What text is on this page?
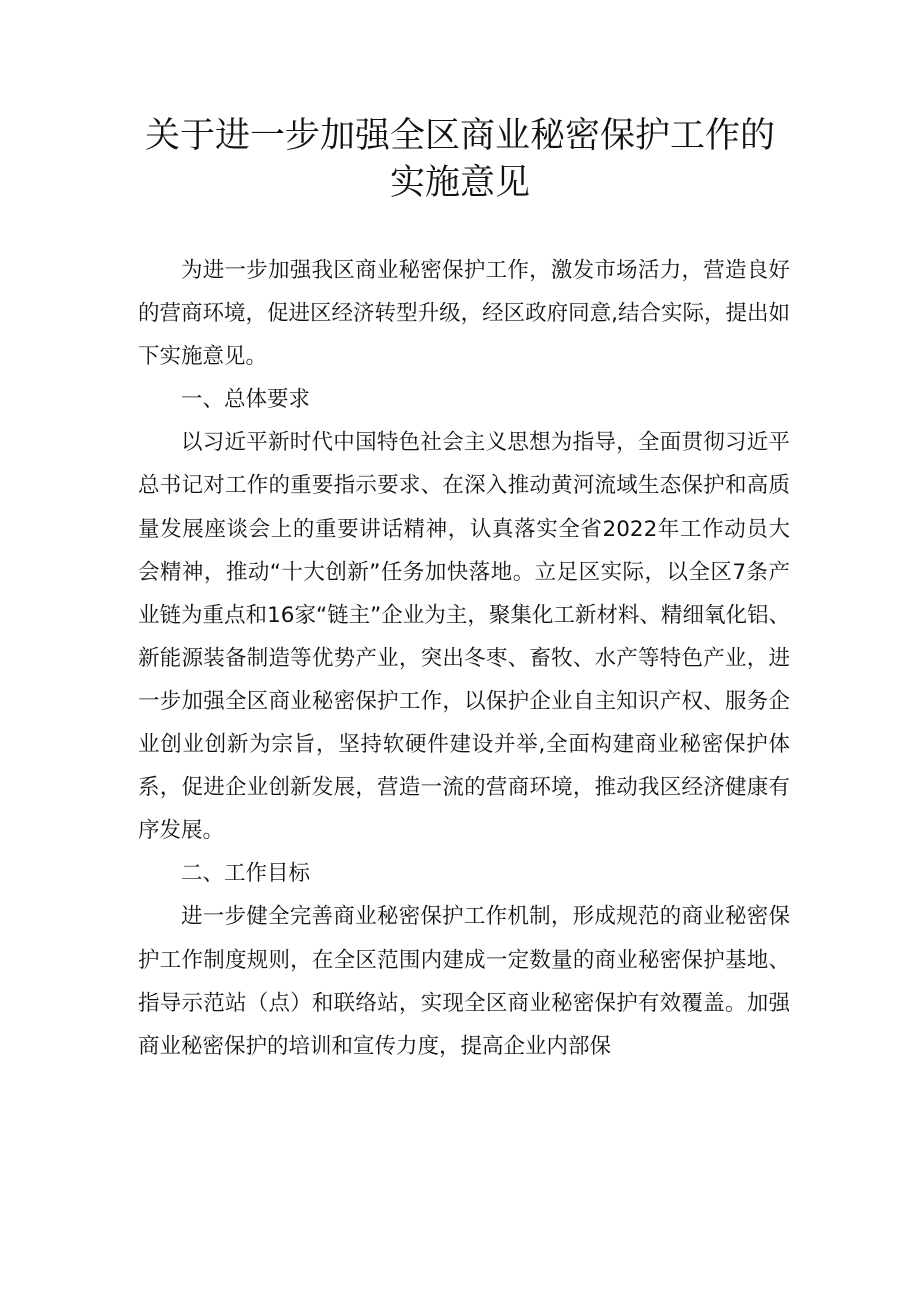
关于进一步加强全区商业秘密保护工作的
实施意见

为进一步加强我区商业秘密保护工作，激发市场活力，营造良好的营商环境，促进区经济转型升级，经区政府同意,结合实际，提出如下实施意见。

一、总体要求

以习近平新时代中国特色社会主义思想为指导，全面贯彻习近平总书记对工作的重要指示要求、在深入推动黄河流域生态保护和高质量发展座谈会上的重要讲话精神，认真落实全省2022年工作动员大会精神，推动“十大创新”任务加快落地。立足区实际，以全区7条产业链为重点和16家“链主”企业为主，聚集化工新材料、精细氧化铝、新能源装备制造等优势产业，突出冬枣、畜牧、水产等特色产业，进一步加强全区商业秘密保护工作，以保护企业自主知识产权、服务企业创业创新为宗旨，坚持软硬件建设并举,全面构建商业秘密保护体系，促进企业创新发展，营造一流的营商环境，推动我区经济健康有序发展。

二、工作目标

进一步健全完善商业秘密保护工作机制，形成规范的商业秘密保护工作制度规则，在全区范围内建成一定数量的商业秘密保护基地、指导示范站（点）和联络站，实现全区商业秘密保护有效覆盖。加强商业秘密保护的培训和宣传力度，提高企业内部保
